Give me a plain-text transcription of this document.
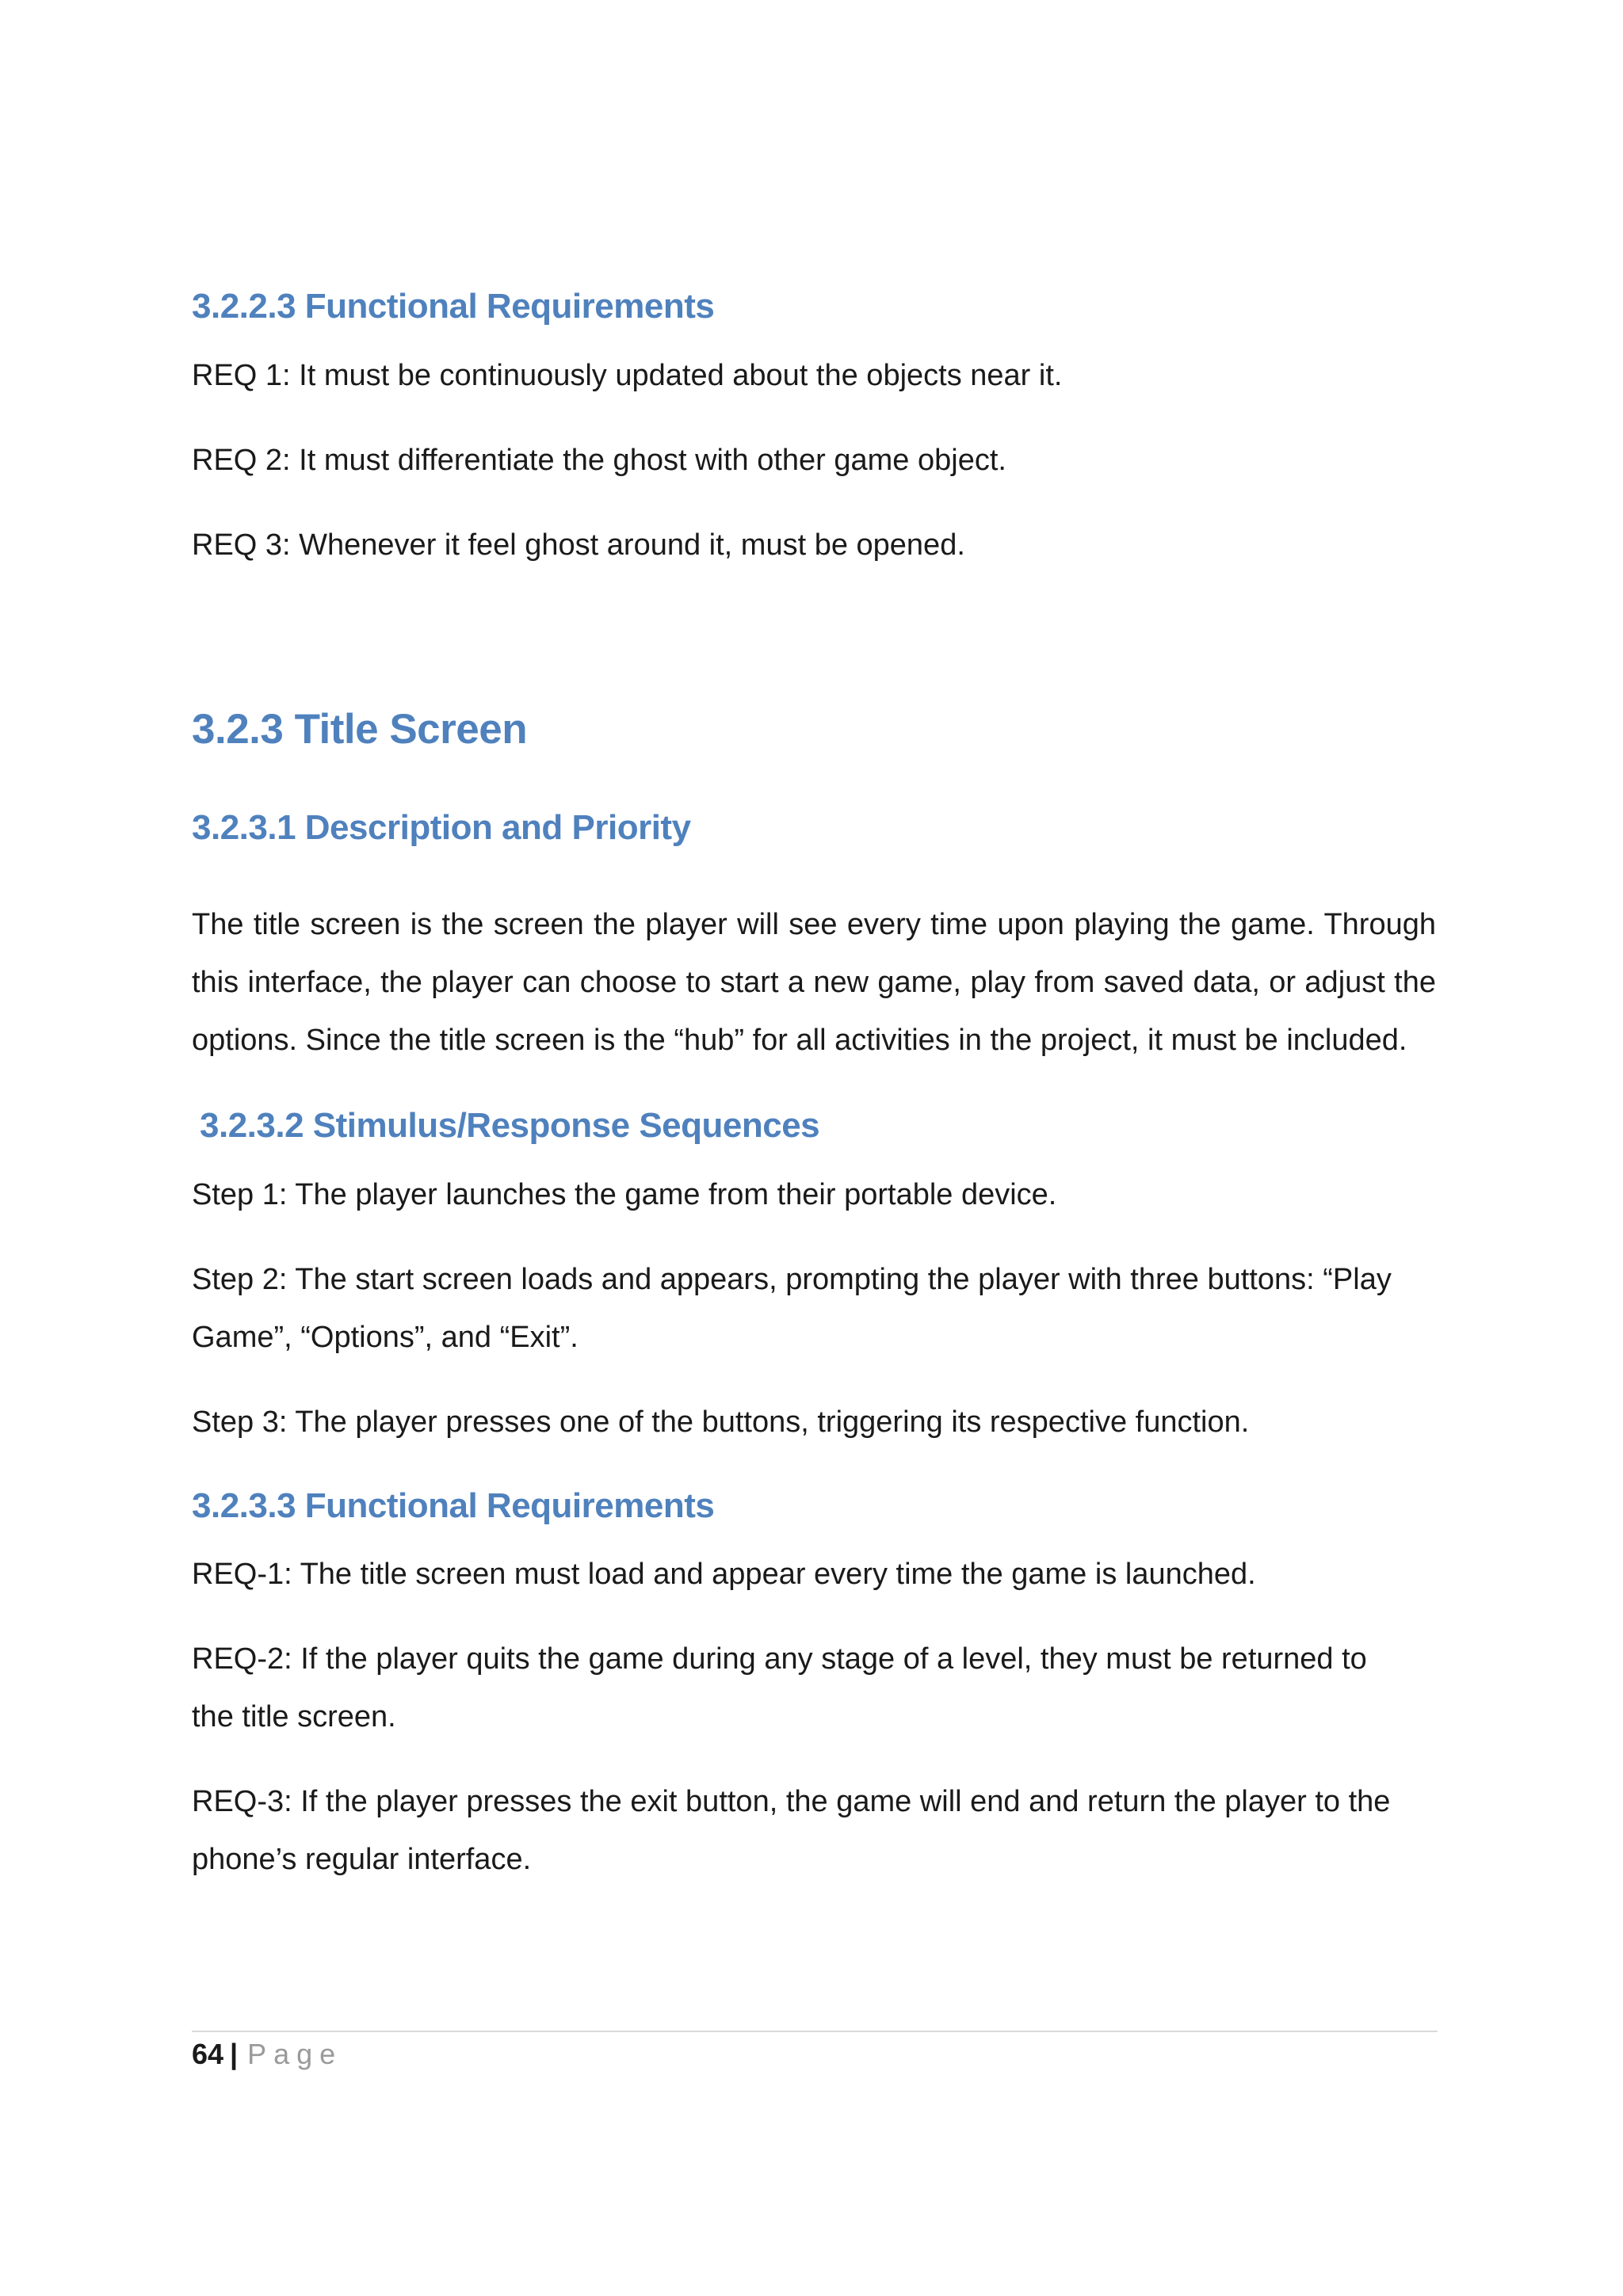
3.2.2.3 Functional Requirements

REQ 1: It must be continuously updated about the objects near it.

REQ 2: It must differentiate the ghost with other game object.

REQ 3: Whenever it feel ghost around it, must be opened.

3.2.3 Title Screen
3.2.3.1 Description and Priority

The title screen is the screen the player will see every time upon playing the game. Through this interface, the player can choose to start a new game, play from saved data, or adjust the options. Since the title screen is the “hub” for all activities in the project, it must be included.

3.2.3.2 Stimulus/Response Sequences

Step 1: The player launches the game from their portable device.

Step 2: The start screen loads and appears, prompting the player with three buttons: “Play Game”, “Options”, and “Exit”.

Step 3: The player presses one of the buttons, triggering its respective function.

3.2.3.3 Functional Requirements

REQ-1: The title screen must load and appear every time the game is launched.

REQ-2: If the player quits the game during any stage of a level, they must be returned to the title screen.

REQ-3: If the player presses the exit button, the game will end and return the player to the phone’s regular interface.

64 | Page
